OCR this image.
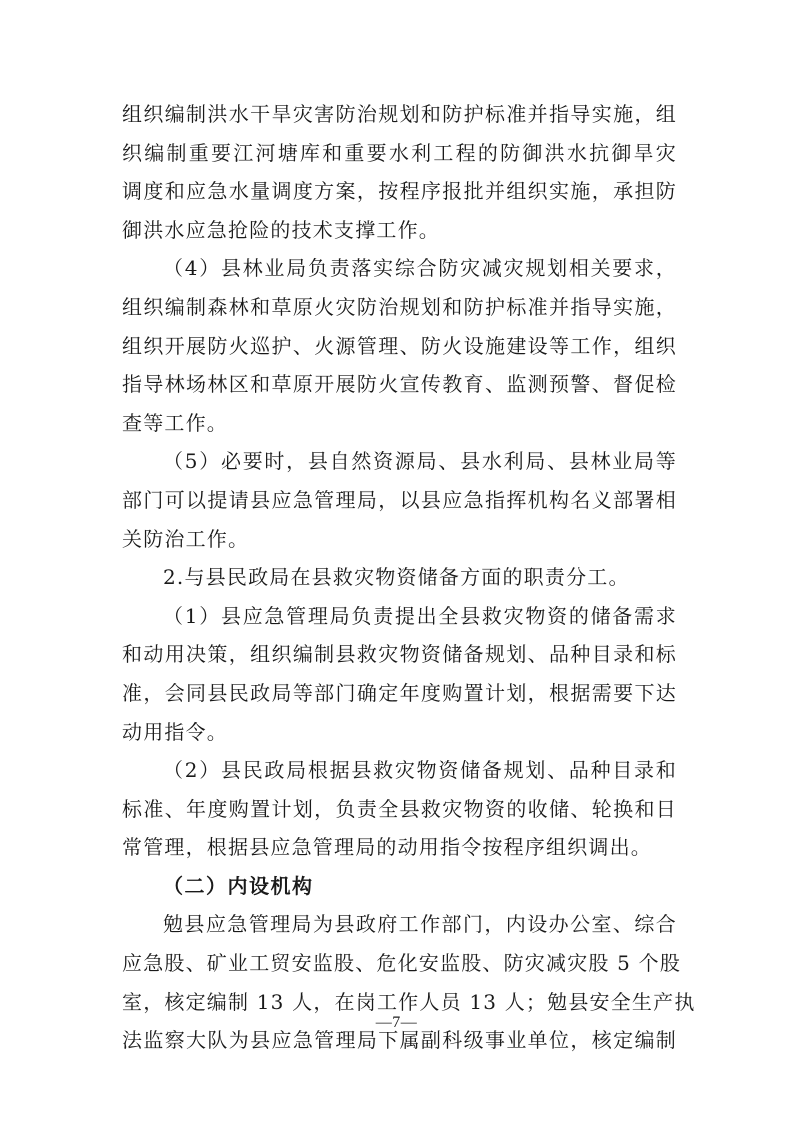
组织编制洪水干旱灾害防治规划和防护标准并指导实施，组
织编制重要江河塘库和重要水利工程的防御洪水抗御旱灾
调度和应急水量调度方案，按程序报批并组织实施，承担防
御洪水应急抢险的技术支撑工作。
（4）县林业局负责落实综合防灾减灾规划相关要求，
组织编制森林和草原火灾防治规划和防护标准并指导实施，
组织开展防火巡护、火源管理、防火设施建设等工作，组织
指导林场林区和草原开展防火宣传教育、监测预警、督促检
查等工作。
（5）必要时，县自然资源局、县水利局、县林业局等
部门可以提请县应急管理局，以县应急指挥机构名义部署相
关防治工作。
2.与县民政局在县救灾物资储备方面的职责分工。
（1）县应急管理局负责提出全县救灾物资的储备需求
和动用决策，组织编制县救灾物资储备规划、品种目录和标
准，会同县民政局等部门确定年度购置计划，根据需要下达
动用指令。
（2）县民政局根据县救灾物资储备规划、品种目录和
标准、年度购置计划，负责全县救灾物资的收储、轮换和日
常管理，根据县应急管理局的动用指令按程序组织调出。
（二）内设机构
勉县应急管理局为县政府工作部门，内设办公室、综合
应急股、矿业工贸安监股、危化安监股、防灾减灾股 5 个股
室，核定编制 13 人，在岗工作人员 13 人；勉县安全生产执
法监察大队为县应急管理局下属副科级事业单位，核定编制
—7—
